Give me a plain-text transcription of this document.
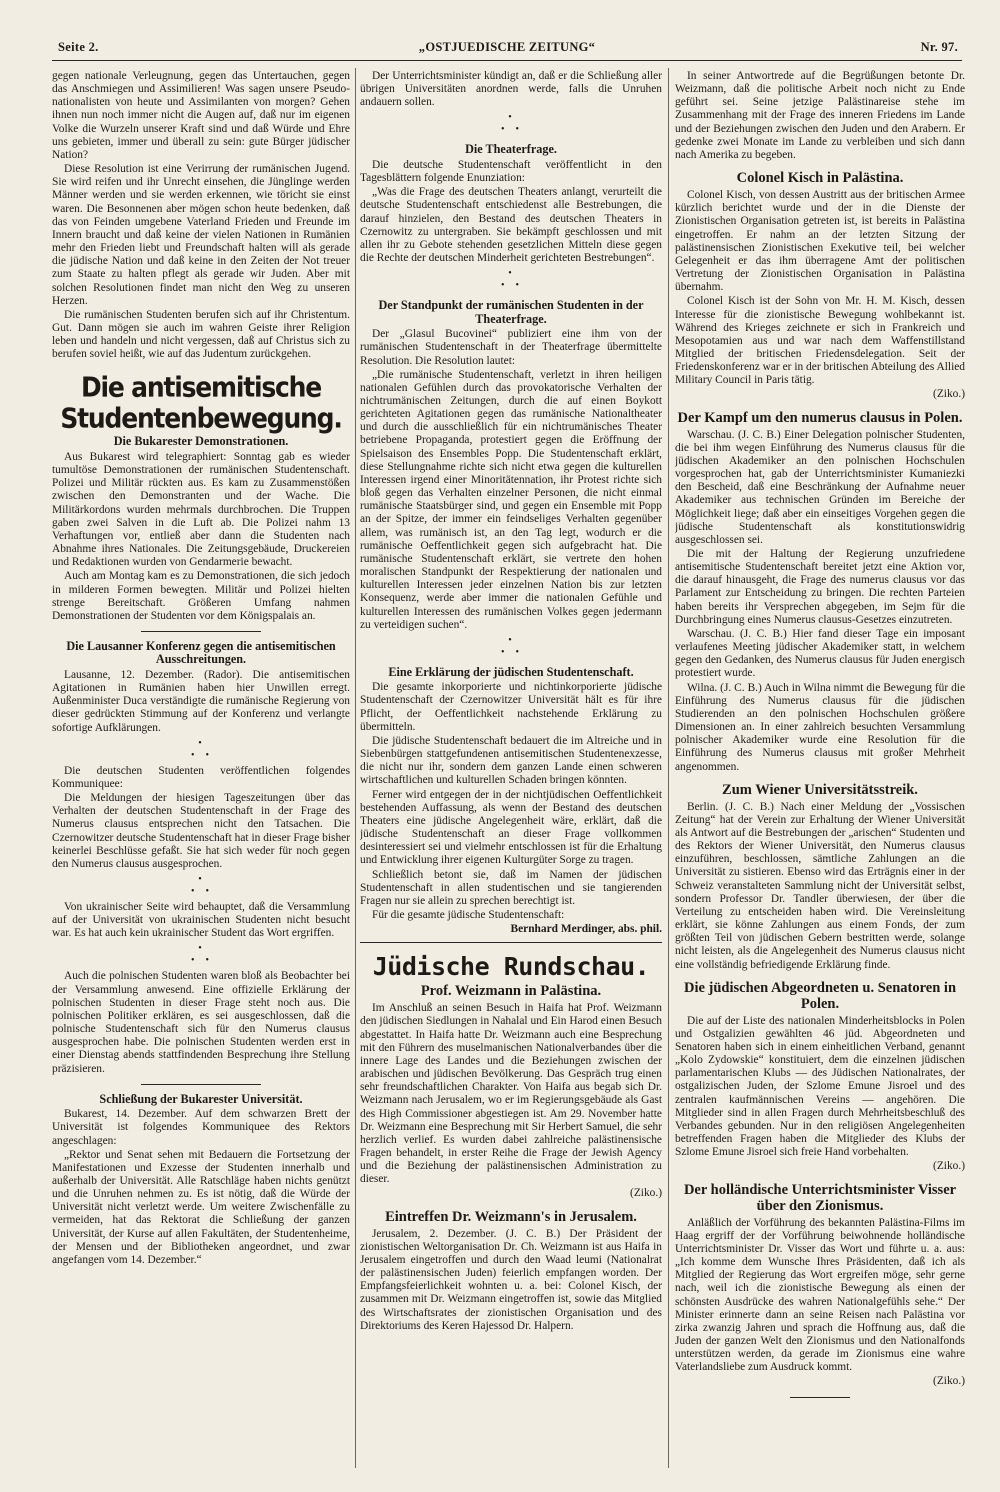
Seite 2.	„OSTJUEDISCHE ZEITUNG“	Nr. 97.

gegen nationale Verleugnung, gegen das Untertauchen, gegen das Anschmiegen und Assimilieren! Was sagen unsere Pseudo-nationalisten von heute und Assimilanten von morgen? Gehen ihnen nun noch immer nicht die Augen auf, daß nur im eigenen Volke die Wurzeln unserer Kraft sind und daß Würde und Ehre uns gebieten, immer und überall zu sein: gute Bürger jüdischer Nation?

Diese Resolution ist eine Verirrung der rumänischen Jugend. Sie wird reifen und ihr Unrecht einsehen, die Jünglinge werden Männer werden und sie werden erkennen, wie töricht sie einst waren. Die Besonnenen aber mögen schon heute bedenken, daß das von Feinden umgebene Vaterland Frieden und Freunde im Innern braucht und daß keine der vielen Nationen in Rumänien mehr den Frieden liebt und Freundschaft halten will als gerade die jüdische Nation und daß keine in den Zeiten der Not treuer zum Staate zu halten pflegt als gerade wir Juden. Aber mit solchen Resolutionen findet man nicht den Weg zu unseren Herzen.

Die rumänischen Studenten berufen sich auf ihr Christentum. Gut. Dann mögen sie auch im wahren Geiste ihrer Religion leben und handeln und nicht vergessen, daß auf Christus sich zu berufen soviel heißt, wie auf das Judentum zurückgehen.

Die antisemitische Studentenbewegung.
Die Bukarester Demonstrationen.

Aus Bukarest wird telegraphiert: Sonntag gab es wieder tumultöse Demonstrationen der rumänischen Studentenschaft. Polizei und Militär rückten aus. Es kam zu Zusammenstößen zwischen den Demonstranten und der Wache. Die Militärkordons wurden mehrmals durchbrochen. Die Truppen gaben zwei Salven in die Luft ab. Die Polizei nahm 13 Verhaftungen vor, entließ aber dann die Studenten nach Abnahme ihres Nationales. Die Zeitungsgebäude, Druckereien und Redaktionen wurden von Gendarmerie bewacht.

Auch am Montag kam es zu Demonstrationen, die sich jedoch in milderen Formen bewegten. Militär und Polizei hielten strenge Bereitschaft. Größeren Umfang nahmen Demonstrationen der Studenten vor dem Königspalais an.

Die Lausanner Konferenz gegen die antisemitischen Ausschreitungen.

Lausanne, 12. Dezember. (Rador). Die antisemitischen Agitationen in Rumänien haben hier Unwillen erregt. Außenminister Duca verständigte die rumänische Regierung von dieser gedrückten Stimmung auf der Konferenz und verlangte sofortige Aufklärungen.

•
•  •

Die deutschen Studenten veröffentlichen folgendes Kommuniquee:

Die Meldungen der hiesigen Tageszeitungen über das Verhalten der deutschen Studentenschaft in der Frage des Numerus clausus entsprechen nicht den Tatsachen. Die Czernowitzer deutsche Studentenschaft hat in dieser Frage bisher keinerlei Beschlüsse gefaßt. Sie hat sich weder für noch gegen den Numerus clausus ausgesprochen.

•
•  •

Von ukrainischer Seite wird behauptet, daß die Versammlung auf der Universität von ukrainischen Studenten nicht besucht war. Es hat auch kein ukrainischer Student das Wort ergriffen.

•
•  •

Auch die polnischen Studenten waren bloß als Beobachter bei der Versammlung anwesend. Eine offizielle Erklärung der polnischen Studenten in dieser Frage steht noch aus. Die polnischen Politiker erklären, es sei ausgeschlossen, daß die polnische Studentenschaft sich für den Numerus clausus ausgesprochen habe. Die polnischen Studenten werden erst in einer Dienstag abends stattfindenden Besprechung ihre Stellung präzisieren.

Schließung der Bukarester Universität.

Bukarest, 14. Dezember. Auf dem schwarzen Brett der Universität ist folgendes Kommuniquee des Rektors angeschlagen:

„Rektor und Senat sehen mit Bedauern die Fortsetzung der Manifestationen und Exzesse der Studenten innerhalb und außerhalb der Universität. Alle Ratschläge haben nichts genützt und die Unruhen nehmen zu. Es ist nötig, daß die Würde der Universität nicht verletzt werde. Um weitere Zwischenfälle zu vermeiden, hat das Rektorat die Schließung der ganzen Universität, der Kurse auf allen Fakultäten, der Studentenheime, der Mensen und der Bibliotheken angeordnet, und zwar angefangen vom 14. Dezember.“

Der Unterrichtsminister kündigt an, daß er die Schließung aller übrigen Universitäten anordnen werde, falls die Unruhen andauern sollen.

•
•  •
Die Theaterfrage.

Die deutsche Studentenschaft veröffentlicht in den Tagesblättern folgende Enunziation:

„Was die Frage des deutschen Theaters anlangt, verurteilt die deutsche Studentenschaft entschiedenst alle Bestrebungen, die darauf hinzielen, den Bestand des deutschen Theaters in Czernowitz zu untergraben. Sie bekämpft geschlossen und mit allen ihr zu Gebote stehenden gesetzlichen Mitteln diese gegen die Rechte der deutschen Minderheit gerichteten Bestrebungen“.

•
•  •
Der Standpunkt der rumänischen Studenten in der Theaterfrage.

Der „Glasul Bucovinei“ publiziert eine ihm von der rumänischen Studentenschaft in der Theaterfrage übermittelte Resolution. Die Resolution lautet:

„Die rumänische Studentenschaft, verletzt in ihren heiligen nationalen Gefühlen durch das provokatorische Verhalten der nichtrumänischen Zeitungen, durch die auf einen Boykott gerichteten Agitationen gegen das rumänische Nationaltheater und durch die ausschließlich für ein nichtrumänisches Theater betriebene Propaganda, protestiert gegen die Eröffnung der Spielsaison des Ensembles Popp. Die Studentenschaft erklärt, diese Stellungnahme richte sich nicht etwa gegen die kulturellen Interessen irgend einer Minoritätennation, ihr Protest richte sich bloß gegen das Verhalten einzelner Personen, die nicht einmal rumänische Staatsbürger sind, und gegen ein Ensemble mit Popp an der Spitze, der immer ein feindseliges Verhalten gegenüber allem, was rumänisch ist, an den Tag legt, wodurch er die rumänische Oeffentlichkeit gegen sich aufgebracht hat. Die rumänische Studentenschaft erklärt, sie vertrete den hohen moralischen Standpunkt der Respektierung der nationalen und kulturellen Interessen jeder einzelnen Nation bis zur letzten Konsequenz, werde aber immer die nationalen Gefühle und kulturellen Interessen des rumänischen Volkes gegen jedermann zu verteidigen suchen“.

•
•  •
Eine Erklärung der jüdischen Studentenschaft.

Die gesamte inkorporierte und nichtinkorporierte jüdische Studentenschaft der Czernowitzer Universität hält es für ihre Pflicht, der Oeffentlichkeit nachstehende Erklärung zu übermitteln.

Die jüdische Studentenschaft bedauert die im Altreiche und in Siebenbürgen stattgefundenen antisemitischen Studentenexzesse, die nicht nur ihr, sondern dem ganzen Lande einen schweren wirtschaftlichen und kulturellen Schaden bringen könnten.

Ferner wird entgegen der in der nichtjüdischen Oeffentlichkeit bestehenden Auffassung, als wenn der Bestand des deutschen Theaters eine jüdische Angelegenheit wäre, erklärt, daß die jüdische Studentenschaft an dieser Frage vollkommen desinteressiert sei und vielmehr entschlossen ist für die Erhaltung und Entwicklung ihrer eigenen Kulturgüter Sorge zu tragen.

Schließlich betont sie, daß im Namen der jüdischen Studentenschaft in allen studentischen und sie tangierenden Fragen nur sie allein zu sprechen berechtigt ist.

Für die gesamte jüdische Studentenschaft:

Bernhard Merdinger, abs. phil.

Jüdische Rundschau.
Prof. Weizmann in Palästina.

Im Anschluß an seinen Besuch in Haifa hat Prof. Weizmann den jüdischen Siedlungen in Nahalal und Ein Harod einen Besuch abgestattet. In Haifa hatte Dr. Weizmann auch eine Besprechung mit den Führern des muselmanischen Nationalverbandes über die innere Lage des Landes und die Beziehungen zwischen der arabischen und jüdischen Bevölkerung. Das Gespräch trug einen sehr freundschaftlichen Charakter. Von Haifa aus begab sich Dr. Weizmann nach Jerusalem, wo er im Regierungsgebäude als Gast des High Commissioner abgestiegen ist. Am 29. November hatte Dr. Weizmann eine Besprechung mit Sir Herbert Samuel, die sehr herzlich verlief. Es wurden dabei zahlreiche palästinensische Fragen behandelt, in erster Reihe die Frage der Jewish Agency und die Beziehung der palästinensischen Administration zu dieser.

(Ziko.)

Eintreffen Dr. Weizmann's in Jerusalem.

Jerusalem, 2. Dezember. (J. C. B.) Der Präsident der zionistischen Weltorganisation Dr. Ch. Weizmann ist aus Haifa in Jerusalem eingetroffen und durch den Waad leumi (Nationalrat der palästinensischen Juden) feierlich empfangen worden. Der Empfangsfeierlichkeit wohnten u. a. bei: Colonel Kisch, der zusammen mit Dr. Weizmann eingetroffen ist, sowie das Mitglied des Wirtschaftsrates der zionistischen Organisation und des Direktoriums des Keren Hajessod Dr. Halpern.

In seiner Antwortrede auf die Begrüßungen betonte Dr. Weizmann, daß die politische Arbeit noch nicht zu Ende geführt sei. Seine jetzige Palästinareise stehe im Zusammenhang mit der Frage des inneren Friedens im Lande und der Beziehungen zwischen den Juden und den Arabern. Er gedenke zwei Monate im Lande zu verbleiben und sich dann nach Amerika zu begeben.

Colonel Kisch in Palästina.

Colonel Kisch, von dessen Austritt aus der britischen Armee kürzlich berichtet wurde und der in die Dienste der Zionistischen Organisation getreten ist, ist bereits in Palästina eingetroffen. Er nahm an der letzten Sitzung der palästinensischen Zionistischen Exekutive teil, bei welcher Gelegenheit er das ihm überragene Amt der politischen Vertretung der Zionistischen Organisation in Palästina übernahm.

Colonel Kisch ist der Sohn von Mr. H. M. Kisch, dessen Interesse für die zionistische Bewegung wohlbekannt ist. Während des Krieges zeichnete er sich in Frankreich und Mesopotamien aus und war nach dem Waffenstillstand Mitglied der britischen Friedensdelegation. Seit der Friedenskonferenz war er in der britischen Abteilung des Allied Military Council in Paris tätig.

(Ziko.)

Der Kampf um den numerus clausus in Polen.

Warschau. (J. C. B.) Einer Delegation polnischer Studenten, die bei ihm wegen Einführung des Numerus clausus für die jüdischen Akademiker an den polnischen Hochschulen vorgesprochen hat, gab der Unterrichtsminister Kumaniezki den Bescheid, daß eine Beschränkung der Aufnahme neuer Akademiker aus technischen Gründen im Bereiche der Möglichkeit liege; daß aber ein einseitiges Vorgehen gegen die jüdische Studentenschaft als konstitutionswidrig ausgeschlossen sei.

Die mit der Haltung der Regierung unzufriedene antisemitische Studentenschaft bereitet jetzt eine Aktion vor, die darauf hinausgeht, die Frage des numerus clausus vor das Parlament zur Entscheidung zu bringen. Die rechten Parteien haben bereits ihr Versprechen abgegeben, im Sejm für die Durchbringung eines Numerus clausus-Gesetzes einzutreten.

Warschau. (J. C. B.) Hier fand dieser Tage ein imposant verlaufenes Meeting jüdischer Akademiker statt, in welchem gegen den Gedanken, des Numerus clausus für Juden energisch protestiert wurde.

Wilna. (J. C. B.) Auch in Wilna nimmt die Bewegung für die Einführung des Numerus clausus für die jüdischen Studierenden an den polnischen Hochschulen größere Dimensionen an. In einer zahlreich besuchten Versammlung polnischer Akademiker wurde eine Resolution für die Einführung des Numerus clausus mit großer Mehrheit angenommen.

Zum Wiener Universitätsstreik.

Berlin. (J. C. B.) Nach einer Meldung der „Vossischen Zeitung“ hat der Verein zur Erhaltung der Wiener Universität als Antwort auf die Bestrebungen der „arischen“ Studenten und des Rektors der Wiener Universität, den Numerus clausus einzuführen, beschlossen, sämtliche Zahlungen an die Universität zu sistieren. Ebenso wird das Erträgnis einer in der Schweiz veranstalteten Sammlung nicht der Universität selbst, sondern Professor Dr. Tandler überwiesen, der über die Verteilung zu entscheiden haben wird. Die Vereinsleitung erklärt, sie könne Zahlungen aus einem Fonds, der zum größten Teil von jüdischen Gebern bestritten werde, solange nicht leisten, als die Angelegenheit des Numerus clausus nicht eine vollständig befriedigende Erklärung finde.

Die jüdischen Abgeordneten u. Senatoren in Polen.

Die auf der Liste des nationalen Minderheitsblocks in Polen und Ostgalizien gewählten 46 jüd. Abgeordneten und Senatoren haben sich in einem einheitlichen Verband, genannt „Kolo Zydowskie“ konstituiert, dem die einzelnen jüdischen parlamentarischen Klubs — des Jüdischen Nationalrates, der ostgalizischen Juden, der Szlome Emune Jisroel und des zentralen kaufmännischen Vereins — angehören. Die Mitglieder sind in allen Fragen durch Mehrheitsbeschluß des Verbandes gebunden. Nur in den religiösen Angelegenheiten betreffenden Fragen haben die Mitglieder des Klubs der Szlome Emune Jisroel sich freie Hand vorbehalten.

(Ziko.)

Der holländische Unterrichtsminister Visser über den Zionismus.

Anläßlich der Vorführung des bekannten Palästina-Films im Haag ergriff der der Vorführung beiwohnende holländische Unterrichtsminister Dr. Visser das Wort und führte u. a. aus: „Ich komme dem Wunsche Ihres Präsidenten, daß ich als Mitglied der Regierung das Wort ergreifen möge, sehr gerne nach, weil ich die zionistische Bewegung als einen der schönsten Ausdrücke des wahren Nationalgefühls sehe.“ Der Minister erinnerte dann an seine Reisen nach Palästina vor zirka zwanzig Jahren und sprach die Hoffnung aus, daß die Juden der ganzen Welt den Zionismus und den Nationalfonds unterstützen werden, da gerade im Zionismus eine wahre Vaterlandsliebe zum Ausdruck kommt.

(Ziko.)
